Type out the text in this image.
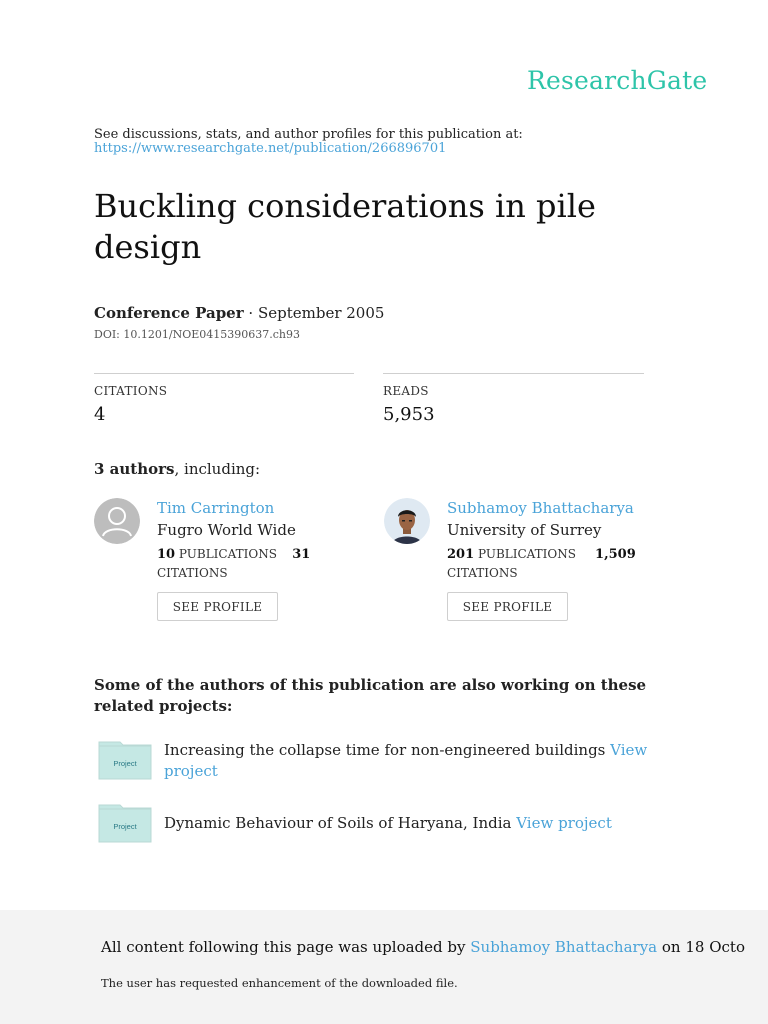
ResearchGate
See discussions, stats, and author profiles for this publication at:
https://www.researchgate.net/publication/266896701
Buckling considerations in pile design
Conference Paper · September 2005
DOI: 10.1201/NOE0415390637.ch93
CITATIONS
4
READS
5,953
3 authors, including:
Tim Carrington
Fugro World Wide
10 PUBLICATIONS 31
CITATIONS
SEE PROFILE
Subhamoy Bhattacharya
University of Surrey
201 PUBLICATIONS 1,509
CITATIONS
SEE PROFILE
Some of the authors of this publication are also working on these related projects:
Project
Increasing the collapse time for non-engineered buildings View project
Project Dynamic Behaviour of Soils of Haryana, India View project
All content following this page was uploaded by Subhamoy Bhattacharya on 18 Octo
The user has requested enhancement of the downloaded file.
